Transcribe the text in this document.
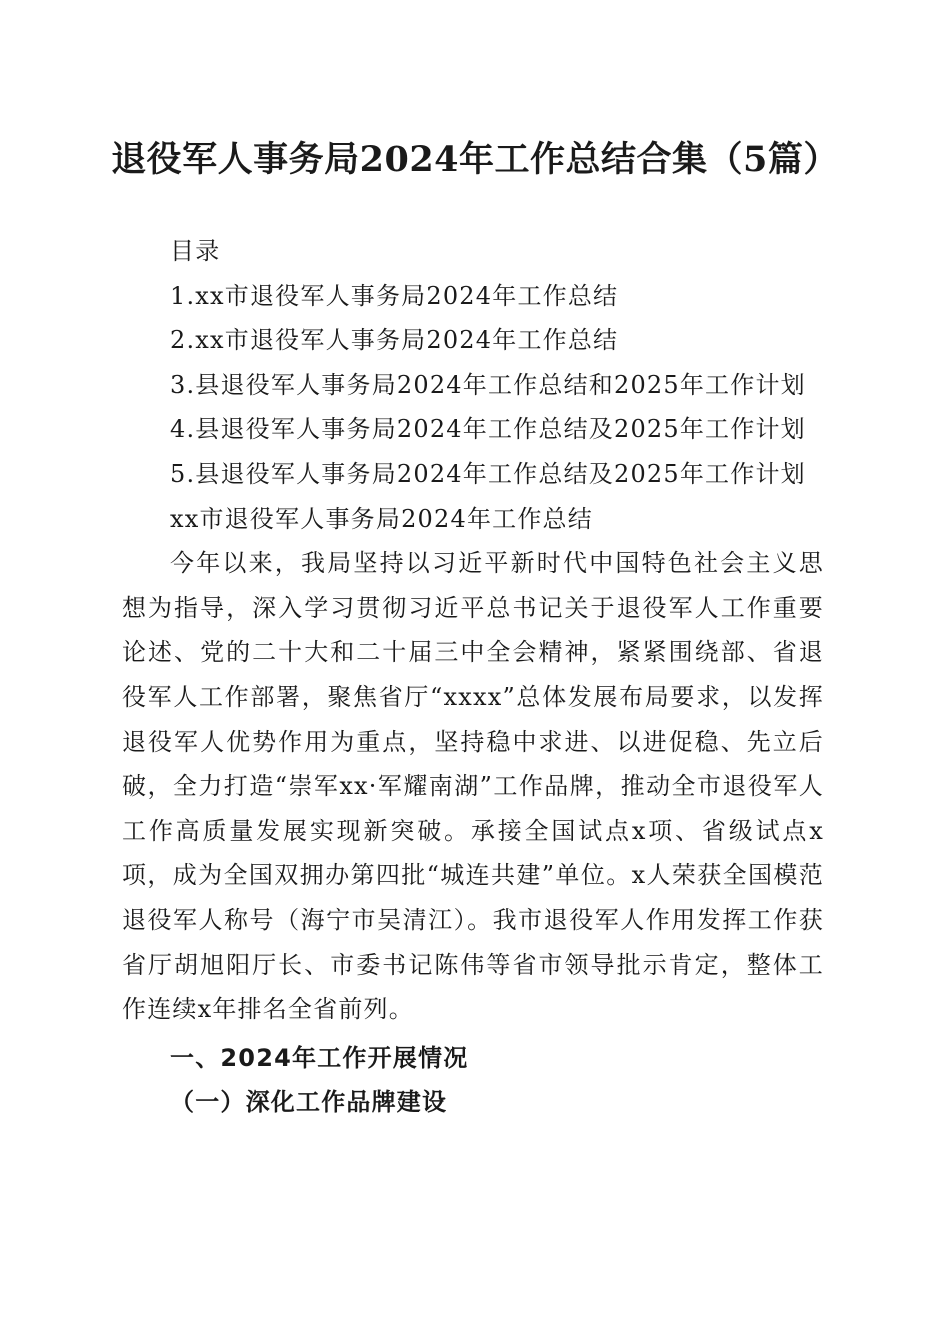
退役军人事务局2024年工作总结合集（5篇）
目录
1.xx市退役军人事务局2024年工作总结
2.xx市退役军人事务局2024年工作总结
3.县退役军人事务局2024年工作总结和2025年工作计划
4.县退役军人事务局2024年工作总结及2025年工作计划
5.县退役军人事务局2024年工作总结及2025年工作计划
xx市退役军人事务局2024年工作总结
今年以来，我局坚持以习近平新时代中国特色社会主义思想为指导，深入学习贯彻习近平总书记关于退役军人工作重要论述、党的二十大和二十届三中全会精神，紧紧围绕部、省退役军人工作部署，聚焦省厅“xxxx”总体发展布局要求，以发挥退役军人优势作用为重点，坚持稳中求进、以进促稳、先立后破，全力打造“崇军xx·军耀南湖”工作品牌，推动全市退役军人工作高质量发展实现新突破。承接全国试点x项、省级试点x项，成为全国双拥办第四批“城连共建”单位。x人荣获全国模范退役军人称号（海宁市吴清江）。我市退役军人作用发挥工作获省厅胡旭阳厅长、市委书记陈伟等省市领导批示肯定，整体工作连续x年排名全省前列。
一、2024年工作开展情况
（一）深化工作品牌建设
